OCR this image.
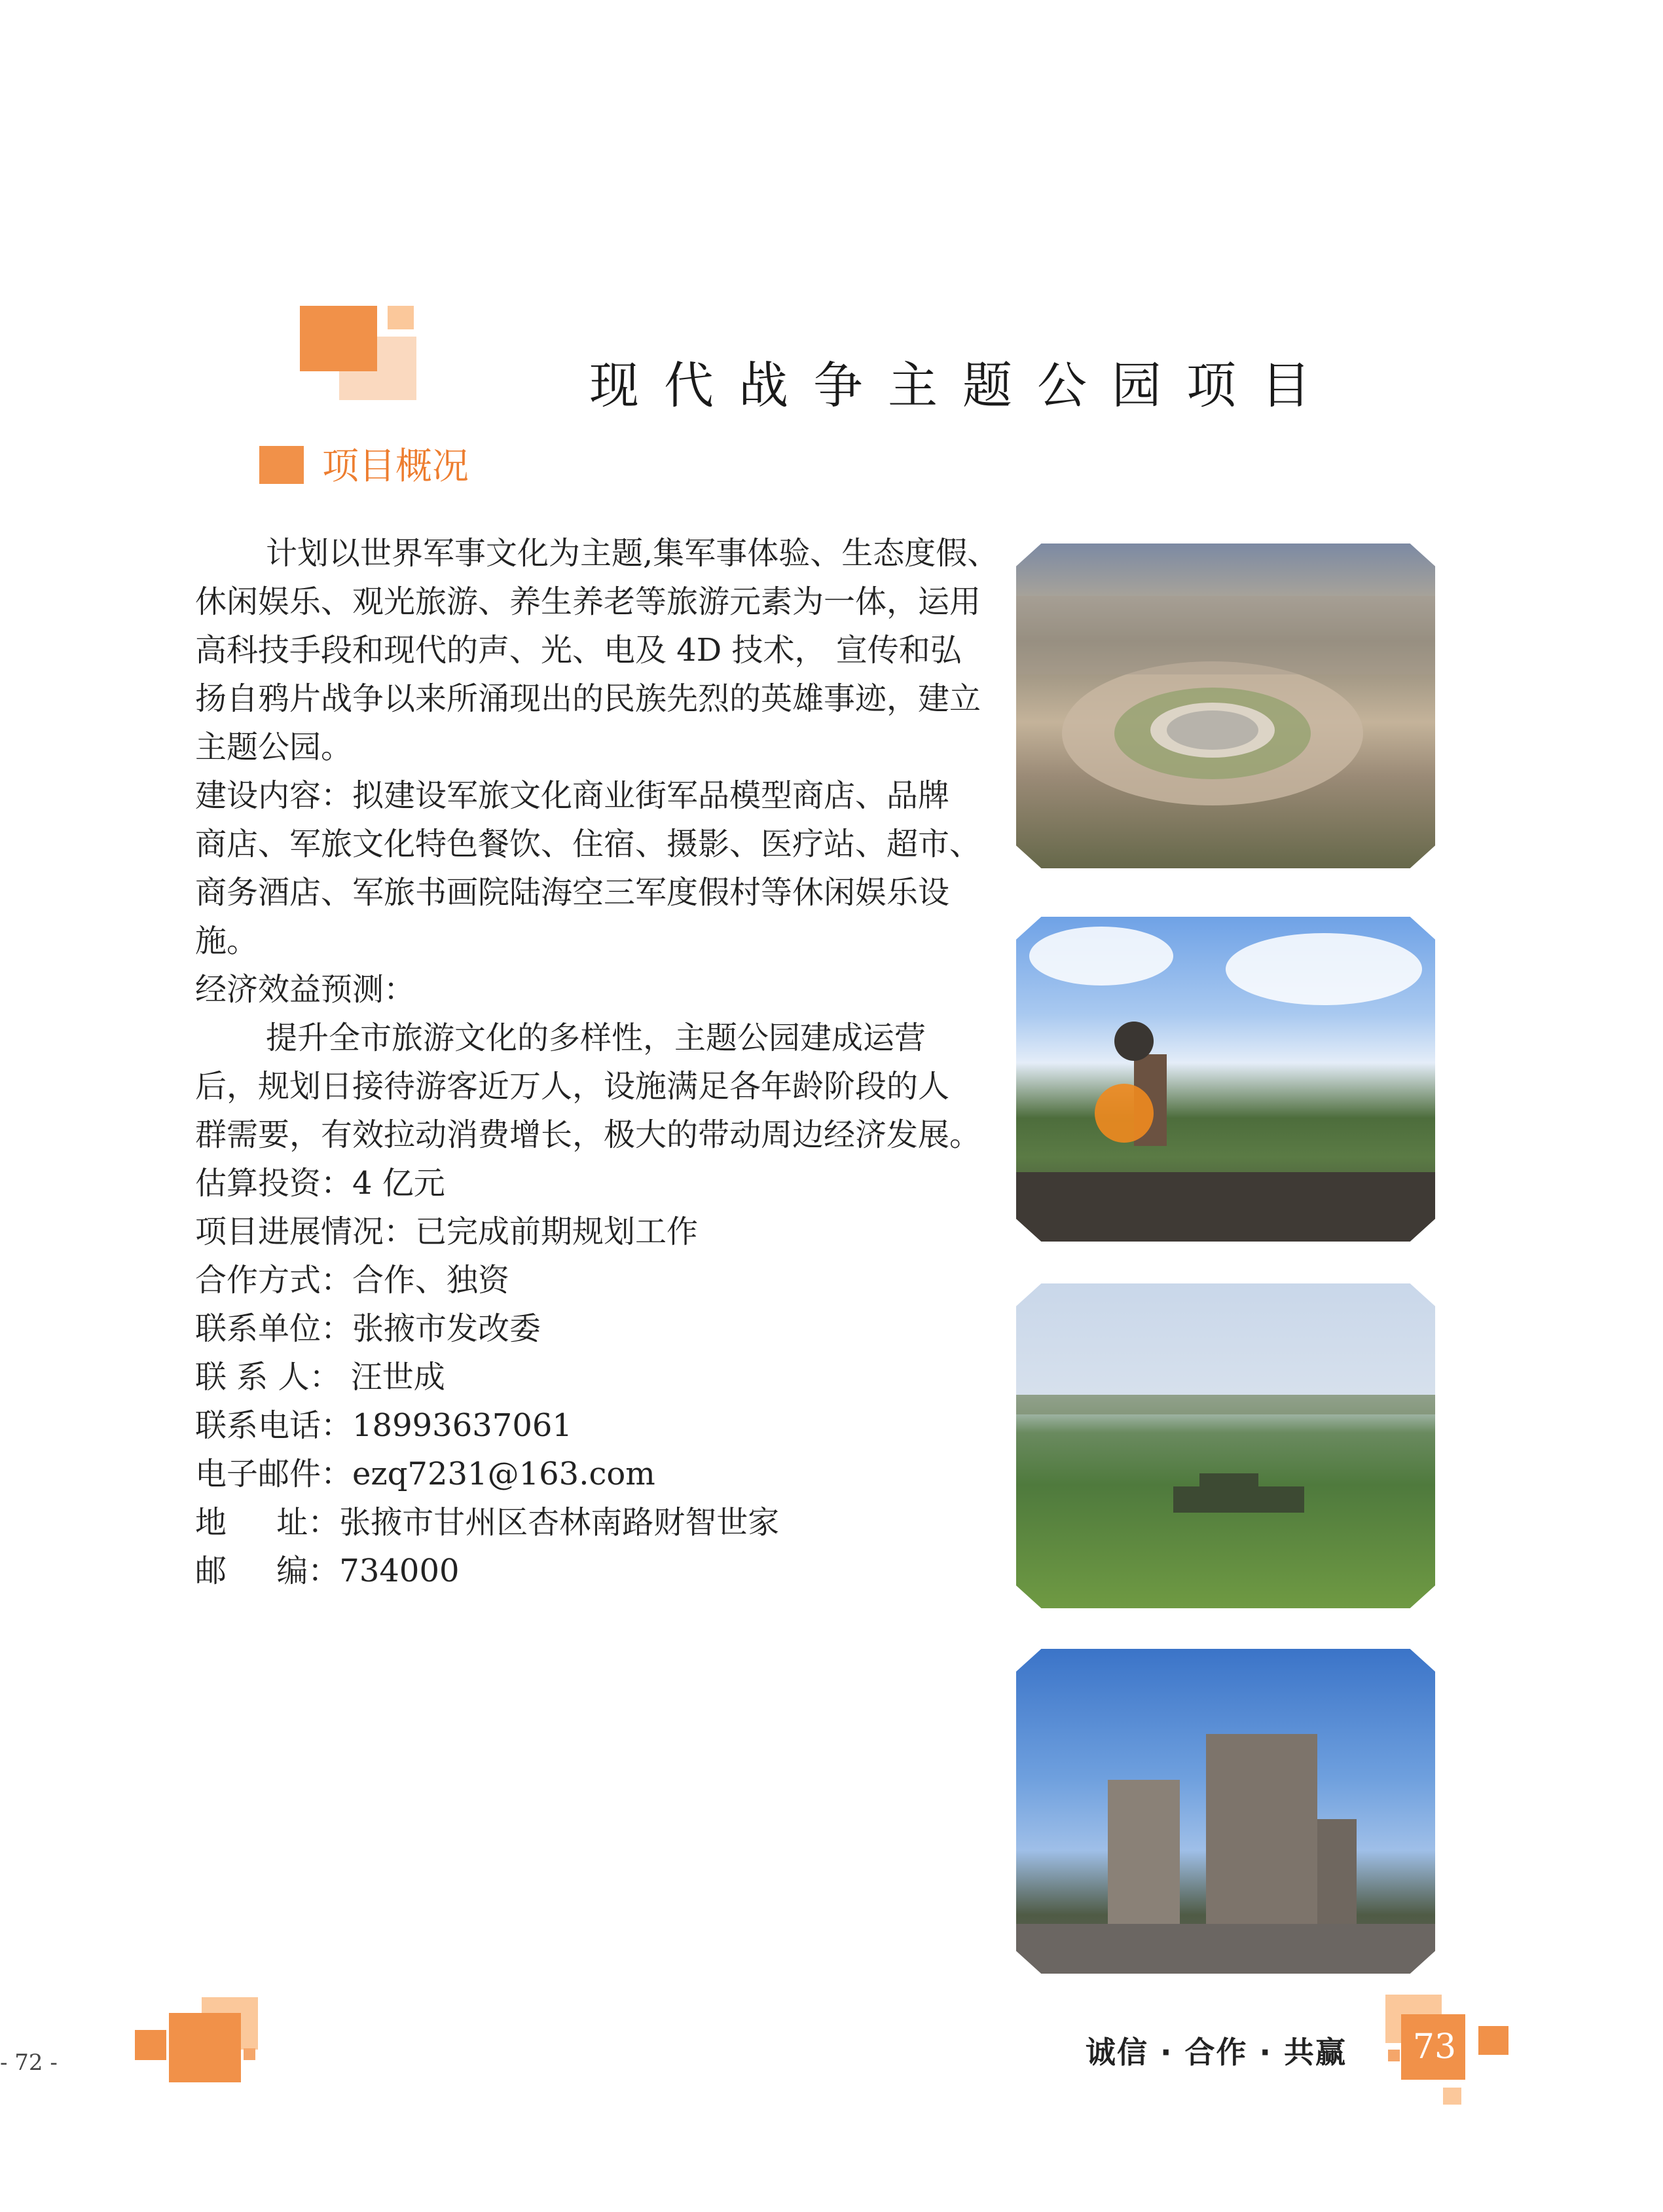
现代战争主题公园项目
项目概况
计划以世界军事文化为主题,集军事体验、生态度假、
休闲娱乐、观光旅游、养生养老等旅游元素为一体，运用
高科技手段和现代的声、光、电及 4D 技术， 宣传和弘
扬自鸦片战争以来所涌现出的民族先烈的英雄事迹，建立
主题公园。
建设内容：拟建设军旅文化商业街军品模型商店、品牌
商店、军旅文化特色餐饮、住宿、摄影、医疗站、超市、
商务酒店、军旅书画院陆海空三军度假村等休闲娱乐设
施。
经济效益预测：
提升全市旅游文化的多样性，主题公园建成运营
后，规划日接待游客近万人，设施满足各年龄阶段的人
群需要，有效拉动消费增长，极大的带动周边经济发展。
估算投资：4 亿元
项目进展情况：已完成前期规划工作
合作方式：合作、独资
联系单位：张掖市发改委
联 系 人： 汪世成
联系电话：18993637061
电子邮件：ezq7231@163.com
地     址：张掖市甘州区杏林南路财智世家
邮     编：734000
- 72 -	诚信 · 合作 · 共赢 73
